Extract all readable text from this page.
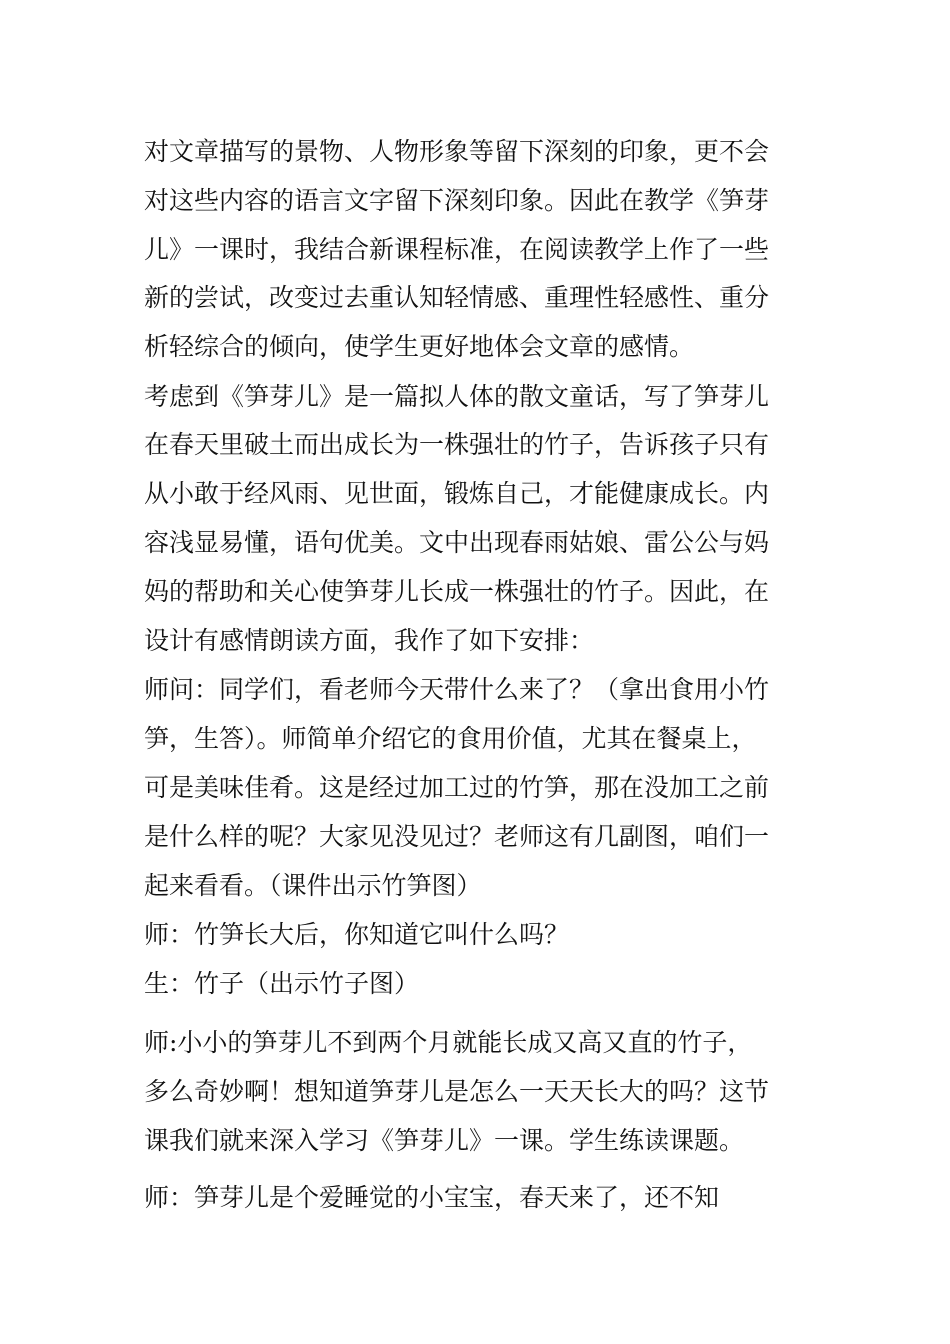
对文章描写的景物、人物形象等留下深刻的印象，更不会
对这些内容的语言文字留下深刻印象。因此在教学《笋芽
儿》一课时，我结合新课程标准，在阅读教学上作了一些
新的尝试，改变过去重认知轻情感、重理性轻感性、重分
析轻综合的倾向，使学生更好地体会文章的感情。
考虑到《笋芽儿》是一篇拟人体的散文童话，写了笋芽儿
在春天里破土而出成长为一株强壮的竹子，告诉孩子只有
从小敢于经风雨、见世面，锻炼自己，才能健康成长。内
容浅显易懂，语句优美。文中出现春雨姑娘、雷公公与妈
妈的帮助和关心使笋芽儿长成一株强壮的竹子。因此，在
设计有感情朗读方面，我作了如下安排：
师问：同学们，看老师今天带什么来了？（拿出食用小竹
笋，生答）。师简单介绍它的食用价值，尤其在餐桌上，
可是美味佳肴。这是经过加工过的竹笋，那在没加工之前
是什么样的呢？大家见没见过？老师这有几副图，咱们一
起来看看。（课件出示竹笋图）
师：竹笋长大后，你知道它叫什么吗？
生：竹子（出示竹子图）
师:小小的笋芽儿不到两个月就能长成又高又直的竹子，
多么奇妙啊！想知道笋芽儿是怎么一天天长大的吗？这节
课我们就来深入学习《笋芽儿》一课。学生练读课题。
师：笋芽儿是个爱睡觉的小宝宝，春天来了，还不知
